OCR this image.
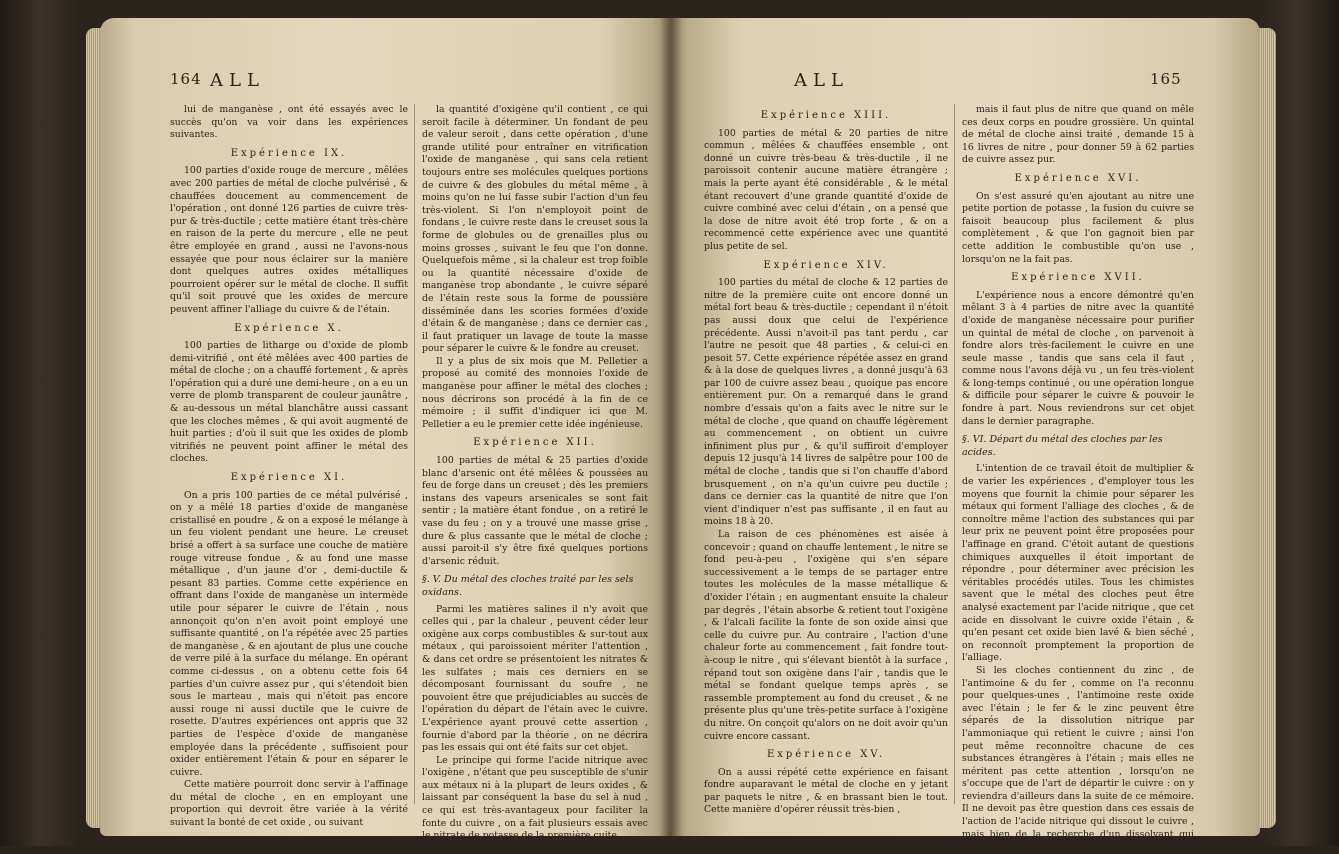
164 ALL

lui de manganèse , ont été essayés avec le succès qu'on va voir dans les expériences suivantes.

Expérience IX.

100 parties d'oxide rouge de mercure , mêlées avec 200 parties de métal de cloche pulvérisé , & chauffées doucement au commencement de l'opération , ont donné 126 parties de cuivre très-pur & très-ductile ; cette matière étant très-chère en raison de la perte du mercure , elle ne peut être employée en grand , aussi ne l'avons-nous essayée que pour nous éclairer sur la manière dont quelques autres oxides métalliques pourroient opérer sur le métal de cloche. Il suffit qu'il soit prouvé que les oxides de mercure peuvent affiner l'alliage du cuivre & de l'étain.

Expérience X.

100 parties de litharge ou d'oxide de plomb demi-vitrifié , ont été mêlées avec 400 parties de métal de cloche ; on a chauffé fortement , & après l'opération qui a duré une demi-heure , on a eu un verre de plomb transparent de couleur jaunâtre , & au-dessous un métal blanchâtre aussi cassant que les cloches mêmes , & qui avoit augmenté de huit parties ; d'où il suit que les oxides de plomb vitrifiés ne peuvent point affiner le métal des cloches.

Expérience XI.

On a pris 100 parties de ce métal pulvérisé , on y a mêlé 18 parties d'oxide de manganèse cristallisé en poudre , & on a exposé le mélange à un feu violent pendant une heure. Le creuset brisé a offert à sa surface une couche de matière rouge vitreuse fondue , & au fond une masse métallique , d'un jaune d'or , demi-ductile & pesant 83 parties. Comme cette expérience en offrant dans l'oxide de manganèse un intermède utile pour séparer le cuivre de l'étain , nous annonçoit qu'on n'en avoit point employé une suffisante quantité , on l'a répétée avec 25 parties de manganèse , & en ajoutant de plus une couche de verre pilé à la surface du mélange. En opérant comme ci-dessus , on a obtenu cette fois 64 parties d'un cuivre assez pur , qui s'étendoit bien sous le marteau , mais qui n'étoit pas encore aussi rouge ni aussi ductile que le cuivre de rosette. D'autres expériences ont appris que 32 parties de l'espèce d'oxide de manganèse employée dans la précédente , suffisoient pour oxider entièrement l'étain & pour en séparer le cuivre.

Cette matière pourroit donc servir à l'affinage du métal de cloche , en en employant une proportion qui devroit être variée à la vérité suivant la bonté de cet oxide , ou suivant

la quantité d'oxigène qu'il contient , ce qui seroit facile à déterminer. Un fondant de peu de valeur seroit , dans cette opération , d'une grande utilité pour entraîner en vitrification l'oxide de manganèse , qui sans cela retient toujours entre ses molécules quelques portions de cuivre & des globules du métal même , à moins qu'on ne lui fasse subir l'action d'un feu très-violent. Si l'on n'employoit point de fondans , le cuivre reste dans le creuset sous la forme de globules ou de grenailles plus ou moins grosses , suivant le feu que l'on donne. Quelquefois même , si la chaleur est trop foible ou la quantité nécessaire d'oxide de manganèse trop abondante , le cuivre séparé de l'étain reste sous la forme de poussière disséminée dans les scories formées d'oxide d'étain & de manganèse ; dans ce dernier cas , il faut pratiquer un lavage de toute la masse pour séparer le cuivre & le fondre au creuset.

Il y a plus de six mois que M. Pelletier a proposé au comité des monnoies l'oxide de manganèse pour affiner le métal des cloches ; nous décrirons son procédé à la fin de ce mémoire ; il suffit d'indiquer ici que M. Pelletier a eu le premier cette idée ingénieuse.

Expérience XII.

100 parties de métal & 25 parties d'oxide blanc d'arsenic ont été mêlées & poussées au feu de forge dans un creuset ; dès les premiers instans des vapeurs arsenicales se sont fait sentir ; la matière étant fondue , on a retiré le vase du feu ; on y a trouvé une masse grise , dure & plus cassante que le métal de cloche ; aussi paroit-il s'y être fixé quelques portions d'arsenic réduit.

§. V. Du métal des cloches traité par les sels oxidans.

Parmi les matières salines il n'y avoit que celles qui , par la chaleur , peuvent céder leur oxigène aux corps combustibles & sur-tout aux métaux , qui paroissoient mériter l'attention , & dans cet ordre se présentoient les nitrates & les sulfates ; mais ces derniers en se décomposant fournissant du soufre , ne pouvoient être que préjudiciables au succès de l'opération du départ de l'étain avec le cuivre. L'expérience ayant prouvé cette assertion , fournie d'abord par la théorie , on ne décrira pas les essais qui ont été faits sur cet objet.

Le principe qui forme l'acide nitrique avec l'oxigène , n'étant que peu susceptible de s'unir aux métaux ni à la plupart de leurs oxides , & laissant par conséquent la base du sel à nud , ce qui est très-avantageux pour faciliter la fonte du cuivre , on a fait plusieurs essais avec le nitrate de potasse de la première cuite.

ALL	165
Expérience XIII.

100 parties de métal & 20 parties de nitre commun , mêlées & chauffées ensemble , ont donné un cuivre très-beau & très-ductile , il ne paroissoit contenir aucune matière étrangère ; mais la perte ayant été considérable , & le métal étant recouvert d'une grande quantité d'oxide de cuivre combiné avec celui d'étain , on a pensé que la dose de nitre avoit été trop forte , & on a recommencé cette expérience avec une quantité plus petite de sel.

Expérience XIV.

100 parties du métal de cloche & 12 parties de nitre de la première cuite ont encore donné un métal fort beau & très-ductile ; cependant il n'étoit pas aussi doux que celui de l'expérience précédente. Aussi n'avoit-il pas tant perdu , car l'autre ne pesoit que 48 parties , & celui-ci en pesoit 57. Cette expérience répétée assez en grand & à la dose de quelques livres , a donné jusqu'à 63 par 100 de cuivre assez beau , quoique pas encore entièrement pur. On a remarqué dans le grand nombre d'essais qu'on a faits avec le nitre sur le métal de cloche , que quand on chauffe légèrement au commencement , on obtient un cuivre infiniment plus pur , & qu'il suffiroit d'employer depuis 12 jusqu'à 14 livres de salpêtre pour 100 de métal de cloche , tandis que si l'on chauffe d'abord brusquement , on n'a qu'un cuivre peu ductile ; dans ce dernier cas la quantité de nitre que l'on vient d'indiquer n'est pas suffisante , il en faut au moins 18 à 20.

La raison de ces phénomènes est aisée à concevoir ; quand on chauffe lentement , le nitre se fond peu-à-peu , l'oxigène qui s'en sépare successivement a le temps de se partager entre toutes les molécules de la masse métallique & d'oxider l'étain ; en augmentant ensuite la chaleur par degrés , l'étain absorbe & retient tout l'oxigène , & l'alcali facilite la fonte de son oxide ainsi que celle du cuivre pur. Au contraire , l'action d'une chaleur forte au commencement , fait fondre tout-à-coup le nitre , qui s'élevant bientôt à la surface , répand tout son oxigène dans l'air , tandis que le métal se fondant quelque temps après , se rassemble promptement au fond du creuset , & ne présente plus qu'une très-petite surface à l'oxigène du nitre. On conçoit qu'alors on ne doit avoir qu'un cuivre encore cassant.

Expérience XV.

On a aussi répété cette expérience en faisant fondre auparavant le métal de cloche en y jetant par paquets le nitre , & en brassant bien le tout. Cette manière d'opérer réussit très-bien ,

mais il faut plus de nitre que quand on mêle ces deux corps en poudre grossière. Un quintal de métal de cloche ainsi traité , demande 15 à 16 livres de nitre , pour donner 59 à 62 parties de cuivre assez pur.

Expérience XVI.

On s'est assuré qu'en ajoutant au nitre une petite portion de potasse , la fusion du cuivre se faisoit beaucoup plus facilement & plus complètement , & que l'on gagnoit bien par cette addition le combustible qu'on use , lorsqu'on ne la fait pas.

Expérience XVII.

L'expérience nous a encore démontré qu'en mêlant 3 à 4 parties de nitre avec la quantité d'oxide de manganèse nécessaire pour purifier un quintal de métal de cloche , on parvenoit à fondre alors très-facilement le cuivre en une seule masse , tandis que sans cela il faut , comme nous l'avons déjà vu , un feu très-violent & long-temps continué , ou une opération longue & difficile pour séparer le cuivre & pouvoir le fondre à part. Nous reviendrons sur cet objet dans le dernier paragraphe.

§. VI. Départ du métal des cloches par les acides.

L'intention de ce travail étoit de multiplier & de varier les expériences , d'employer tous les moyens que fournit la chimie pour séparer les métaux qui forment l'alliage des cloches , & de connoître même l'action des substances qui par leur prix ne peuvent point être proposées pour l'affinage en grand. C'étoit autant de questions chimiques auxquelles il étoit important de répondre , pour déterminer avec précision les véritables procédés utiles. Tous les chimistes savent que le métal des cloches peut être analysé exactement par l'acide nitrique , que cet acide en dissolvant le cuivre oxide l'étain , & qu'en pesant cet oxide bien lavé & bien séché , on reconnoît promptement la proportion de l'alliage.

Si les cloches contiennent du zinc , de l'antimoine & du fer , comme on l'a reconnu pour quelques-unes , l'antimoine reste oxide avec l'étain ; le fer & le zinc peuvent être séparés de la dissolution nitrique par l'ammoniaque qui retient le cuivre ; ainsi l'on peut même reconnoître chacune de ces substances étrangères à l'étain ; mais elles ne méritent pas cette attention , lorsqu'on ne s'occupe que de l'art de départir le cuivre : on y reviendra d'ailleurs dans la suite de ce mémoire. Il ne devoit pas être question dans ces essais de l'action de l'acide nitrique qui dissout le cuivre , mais bien de la recherche d'un dissolvant qui pût enlever l'étain , sans tou-
